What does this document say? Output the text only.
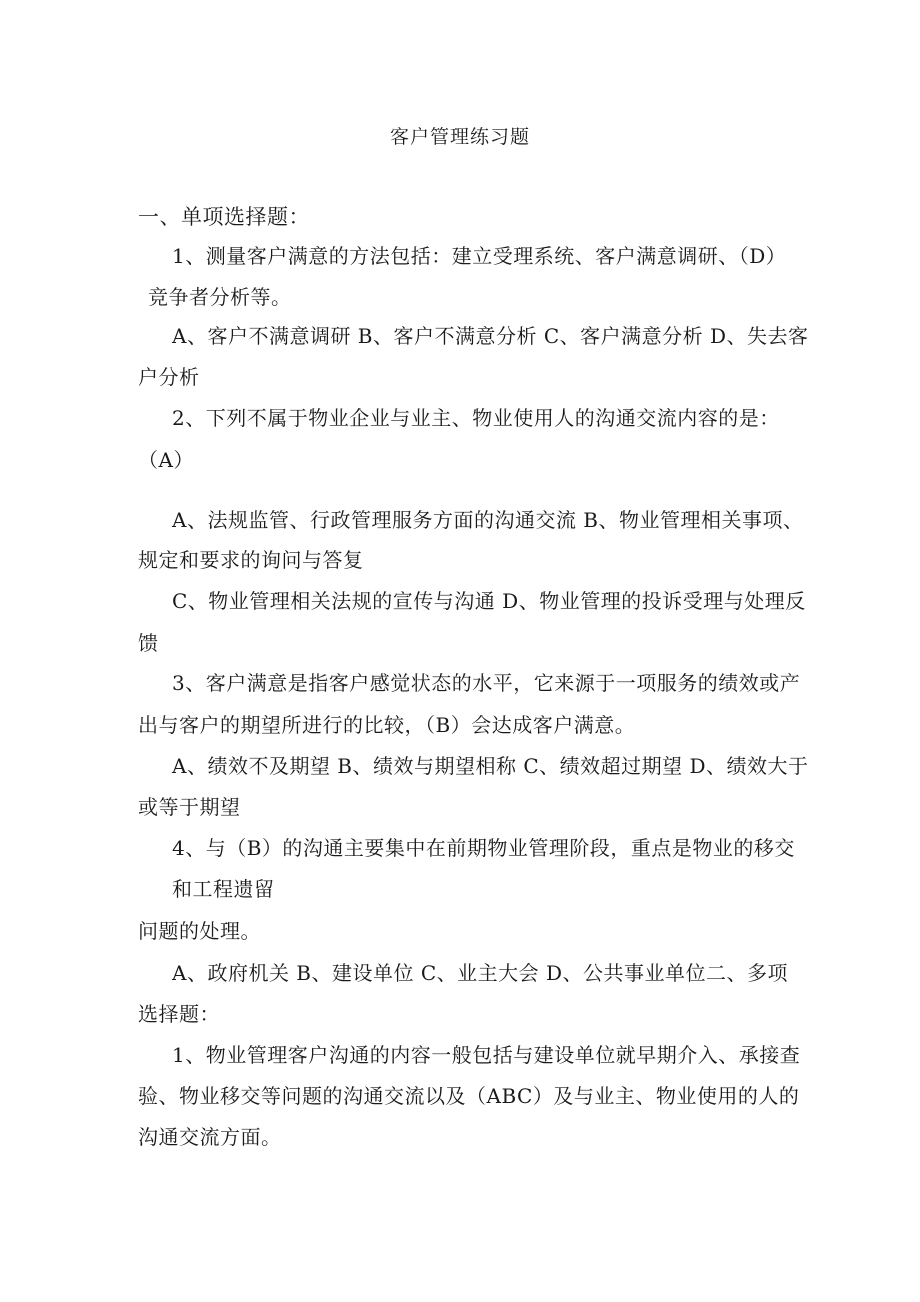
客户管理练习题
一、单项选择题：
1、测量客户满意的方法包括：建立受理系统、客户满意调研、（D）
竞争者分析等。
A、客户不满意调研 B、客户不满意分析 C、客户满意分析 D、失去客
户分析
2、下列不属于物业企业与业主、物业使用人的沟通交流内容的是：
（A）
A、法规监管、行政管理服务方面的沟通交流 B、物业管理相关事项、
规定和要求的询问与答复
C、物业管理相关法规的宣传与沟通 D、物业管理的投诉受理与处理反
馈
3、客户满意是指客户感觉状态的水平，它来源于一项服务的绩效或产
出与客户的期望所进行的比较，（B）会达成客户满意。
A、绩效不及期望 B、绩效与期望相称 C、绩效超过期望 D、绩效大于
或等于期望
4、与（B）的沟通主要集中在前期物业管理阶段，重点是物业的移交
和工程遗留
问题的处理。
A、政府机关 B、建设单位 C、业主大会 D、公共事业单位二、多项
选择题：
1、物业管理客户沟通的内容一般包括与建设单位就早期介入、承接查
验、物业移交等问题的沟通交流以及（ABC）及与业主、物业使用的人的
沟通交流方面。
